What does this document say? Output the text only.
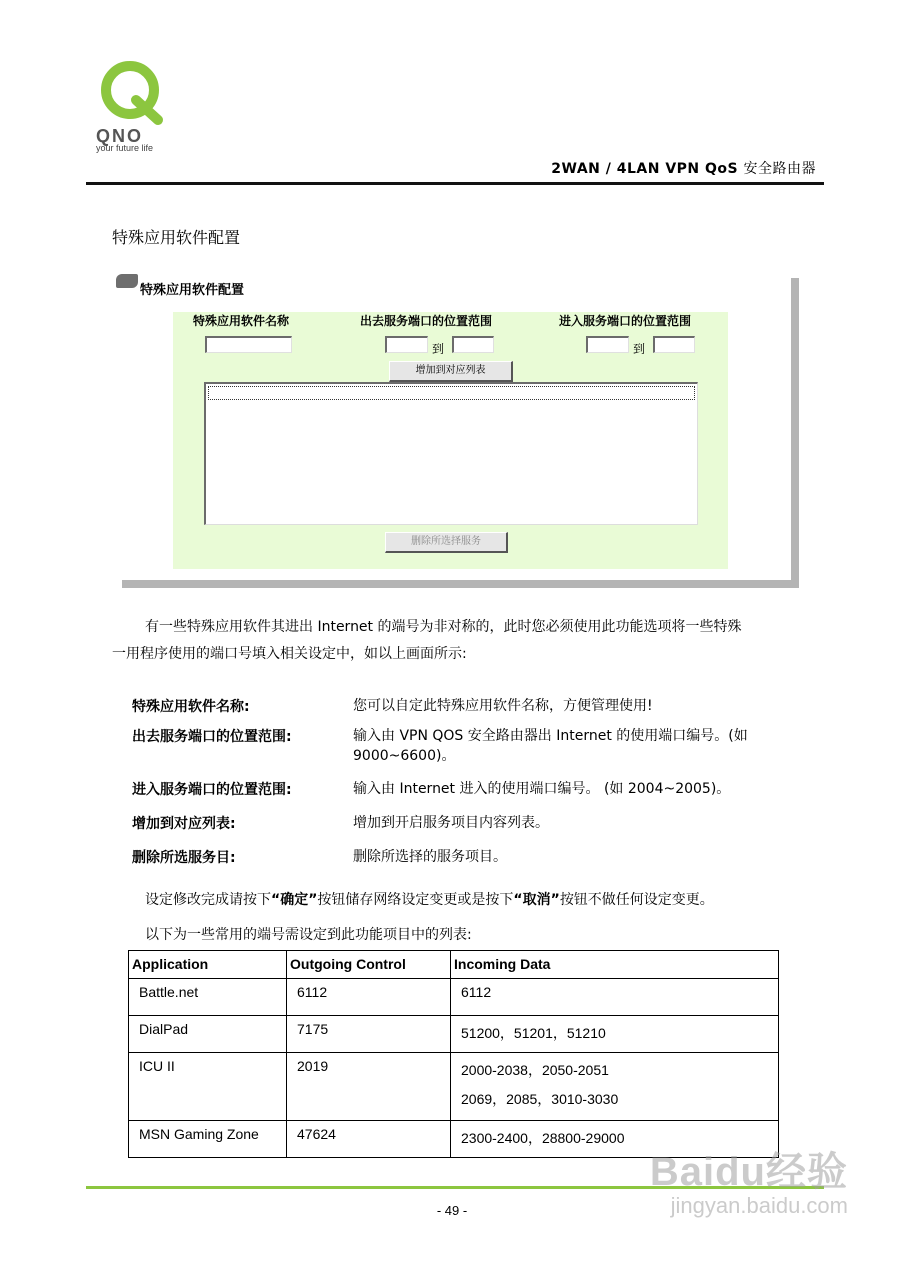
QNO
your future life
2WAN / 4LAN VPN QoS 安全路由器
特殊应用软件配置
特殊应用软件配置
特殊应用软件名称	出去服务端口的位置范围	进入服务端口的位置范围
到	到
增加到对应列表
删除所选择服务
有一些特殊应用软件其进出 Internet 的端号为非对称的，此时您必须使用此功能选项将一些特殊
一用程序使用的端口号填入相关设定中，如以上画面所示:
特殊应用软件名称:	您可以自定此特殊应用软件名称，方便管理使用!
出去服务端口的位置范围:	输入由 VPN QOS 安全路由器出 Internet 的使用端口编号。(如 9000~6600)。
进入服务端口的位置范围:	输入由 Internet 进入的使用端口编号。 (如 2004~2005)。
增加到对应列表:	增加到开启服务项目内容列表。
删除所选服务目:	删除所选择的服务项目。
设定修改完成请按下“确定”按钮储存网络设定变更或是按下“取消”按钮不做任何设定变更。
以下为一些常用的端号需设定到此功能项目中的列表:
Application	Outgoing Control	Incoming Data

Battle.net	6112	6112

DialPad	7175	51200，51201，51210

ICU II	2019	2000-2038，2050-2051
2069，2085，3010-3030

MSN Gaming Zone	47624	2300-2400，28800-29000
- 49 -
Baidu经验
jingyan.baidu.com
